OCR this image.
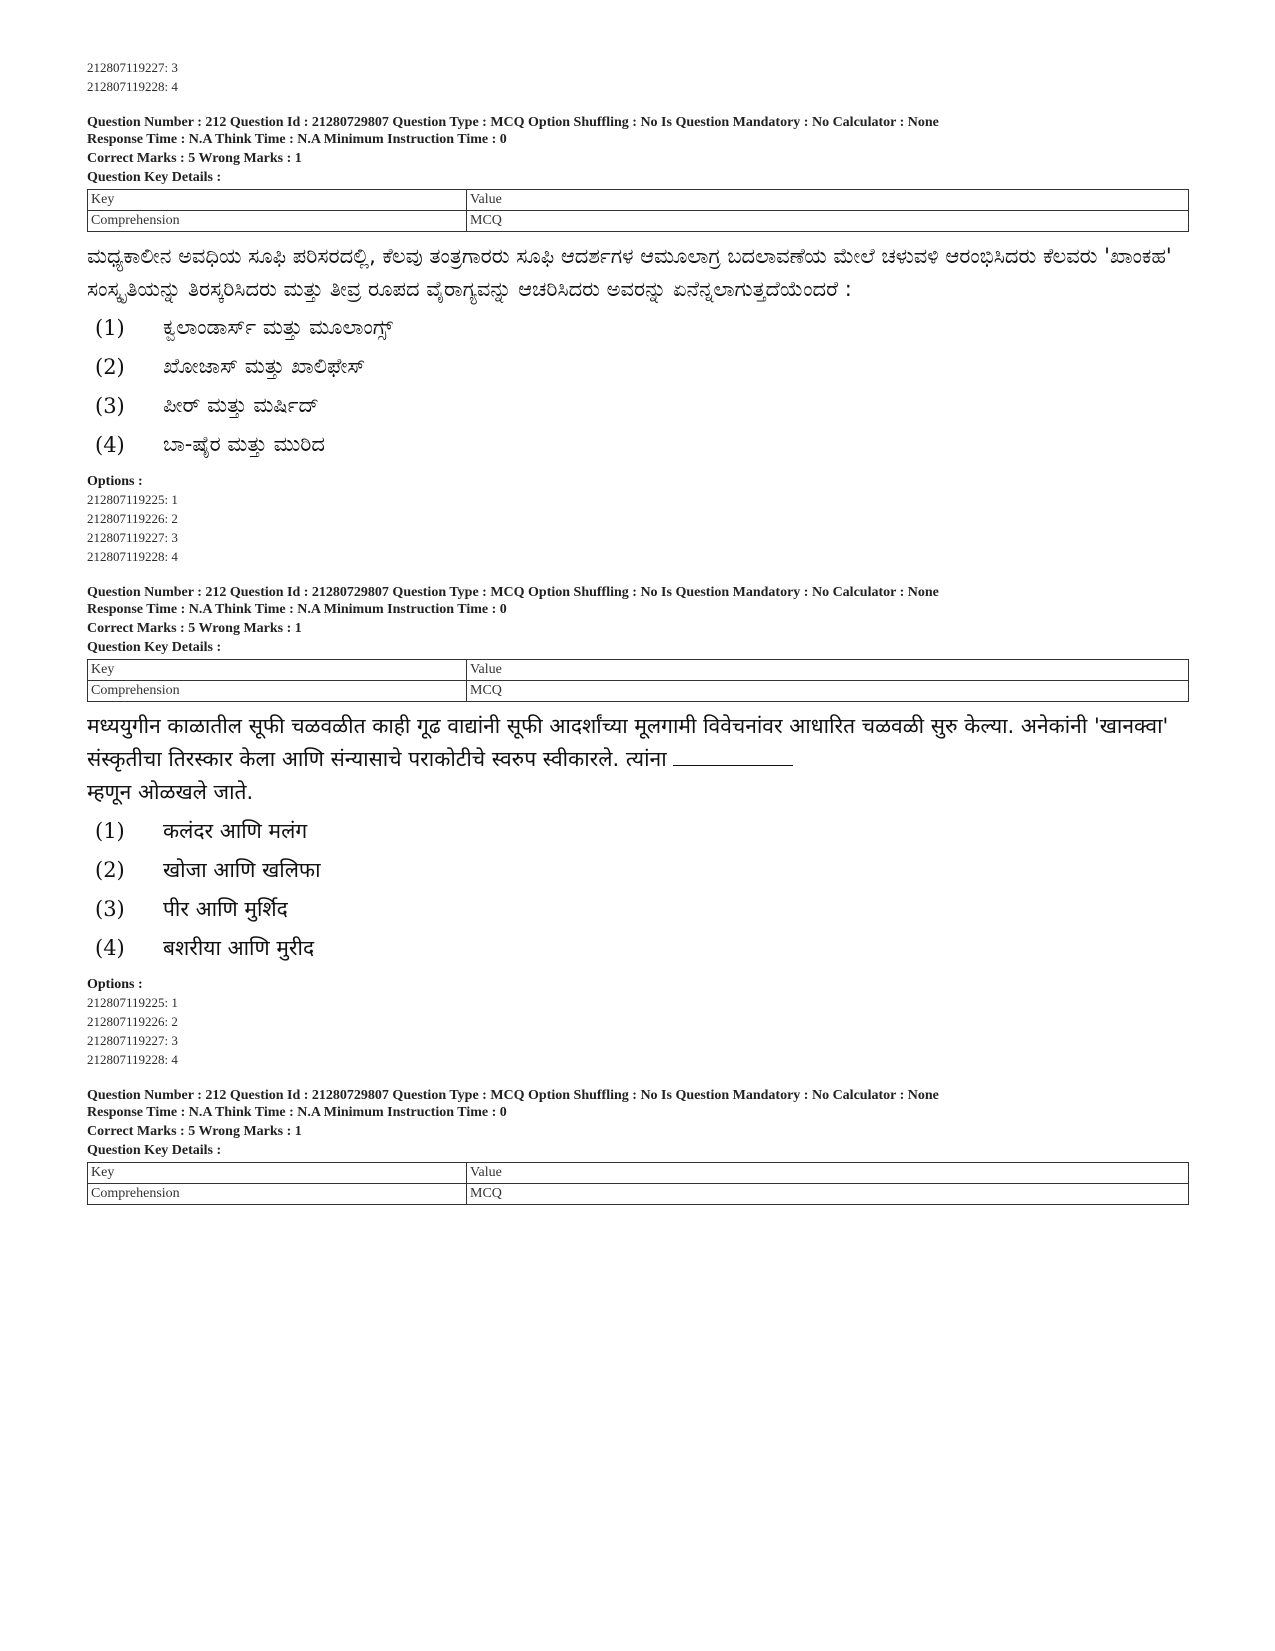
212807119227: 3
212807119228: 4
Question Number : 212 Question Id : 21280729807 Question Type : MCQ Option Shuffling : No Is Question Mandatory : No Calculator : None
Response Time : N.A Think Time : N.A Minimum Instruction Time : 0
Correct Marks : 5 Wrong Marks : 1
Question Key Details :
Key	Value
Comprehension	MCQ
ಮಧ್ಯಕಾಲೀನ ಅವಧಿಯ ಸೂಫಿ ಪರಿಸರದಲ್ಲಿ, ಕೆಲವು ತಂತ್ರಗಾರರು ಸೂಫಿ ಆದರ್ಶಗಳ ಆಮೂಲಾಗ್ರ ಬದಲಾವಣೆಯ ಮೇಲೆ ಚಳುವಳಿ ಆರಂಭಿಸಿದರು ಕೆಲವರು 'ಖಾಂಕಹ' ಸಂಸ್ಕೃತಿಯನ್ನು ತಿರಸ್ಕರಿಸಿದರು ಮತ್ತು ತೀವ್ರ ರೂಪದ ವೈರಾಗ್ಯವನ್ನು ಆಚರಿಸಿದರು ಅವರನ್ನು ಏನೆನ್ನಲಾಗುತ್ತದೆಯೆಂದರೆ :
(1)	ಕ್ವಲಾಂಡಾರ್ಸ್ ಮತ್ತು ಮೂಲಾಂಗ್ಸ್
(2)	ಖೋಜಾಸ್ ಮತ್ತು ಖಾಲಿಫೇಸ್
(3)	ಪೀರ್ ಮತ್ತು ಮರ್ಷಿದ್
(4)	ಬಾ-ಷೈರ ಮತ್ತು ಮುರಿದ
Options :
212807119225: 1
212807119226: 2
212807119227: 3
212807119228: 4
Question Number : 212 Question Id : 21280729807 Question Type : MCQ Option Shuffling : No Is Question Mandatory : No Calculator : None
Response Time : N.A Think Time : N.A Minimum Instruction Time : 0
Correct Marks : 5 Wrong Marks : 1
Question Key Details :
Key	Value
Comprehension	MCQ
मध्ययुगीन काळातील सूफी चळवळीत काही गूढ वाद्यांनी सूफी आदर्शांच्या मूलगामी विवेचनांवर आधारित चळवळी सुरु केल्या. अनेकांनी 'खानक्वा' संस्कृतीचा तिरस्कार केला आणि संन्यासाचे पराकोटीचे स्वरुप स्वीकारले. त्यांना
म्हणून ओळखले जाते.
(1)	कलंदर आणि मलंग
(2)	खोजा आणि खलिफा
(3)	पीर आणि मुर्शिद
(4)	बशरीया आणि मुरीद
Options :
212807119225: 1
212807119226: 2
212807119227: 3
212807119228: 4
Question Number : 212 Question Id : 21280729807 Question Type : MCQ Option Shuffling : No Is Question Mandatory : No Calculator : None
Response Time : N.A Think Time : N.A Minimum Instruction Time : 0
Correct Marks : 5 Wrong Marks : 1
Question Key Details :
Key	Value
Comprehension	MCQ
